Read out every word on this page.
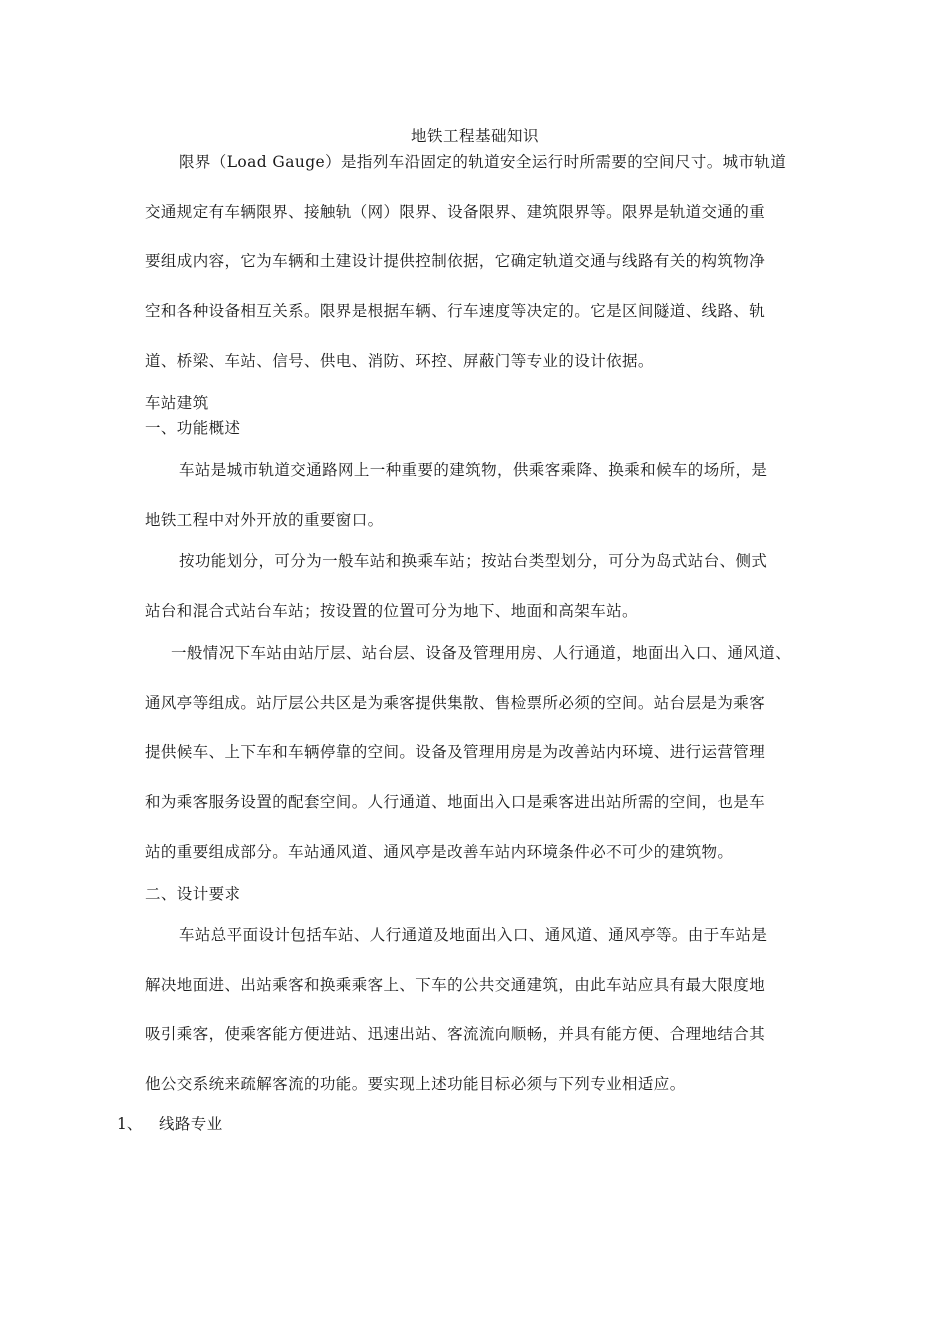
地铁工程基础知识
限界（Load Gauge）是指列车沿固定的轨道安全运行时所需要的空间尺寸。城市轨道
交通规定有车辆限界、接触轨（网）限界、设备限界、建筑限界等。限界是轨道交通的重
要组成内容，它为车辆和土建设计提供控制依据，它确定轨道交通与线路有关的构筑物净
空和各种设备相互关系。限界是根据车辆、行车速度等决定的。它是区间隧道、线路、轨
道、桥梁、车站、信号、供电、消防、环控、屏蔽门等专业的设计依据。
车站建筑
一、功能概述
车站是城市轨道交通路网上一种重要的建筑物，供乘客乘降、换乘和候车的场所，是
地铁工程中对外开放的重要窗口。
按功能划分，可分为一般车站和换乘车站；按站台类型划分，可分为岛式站台、侧式
站台和混合式站台车站；按设置的位置可分为地下、地面和高架车站。
一般情况下车站由站厅层、站台层、设备及管理用房、人行通道，地面出入口、通风道、
通风亭等组成。站厅层公共区是为乘客提供集散、售检票所必须的空间。站台层是为乘客
提供候车、上下车和车辆停靠的空间。设备及管理用房是为改善站内环境、进行运营管理
和为乘客服务设置的配套空间。人行通道、地面出入口是乘客进出站所需的空间，也是车
站的重要组成部分。车站通风道、通风亭是改善车站内环境条件必不可少的建筑物。
二、设计要求
车站总平面设计包括车站、人行通道及地面出入口、通风道、通风亭等。由于车站是
解决地面进、出站乘客和换乘乘客上、下车的公共交通建筑，由此车站应具有最大限度地
吸引乘客，使乘客能方便进站、迅速出站、客流流向顺畅，并具有能方便、合理地结合其
他公交系统来疏解客流的功能。要实现上述功能目标必须与下列专业相适应。
1、 线路专业
